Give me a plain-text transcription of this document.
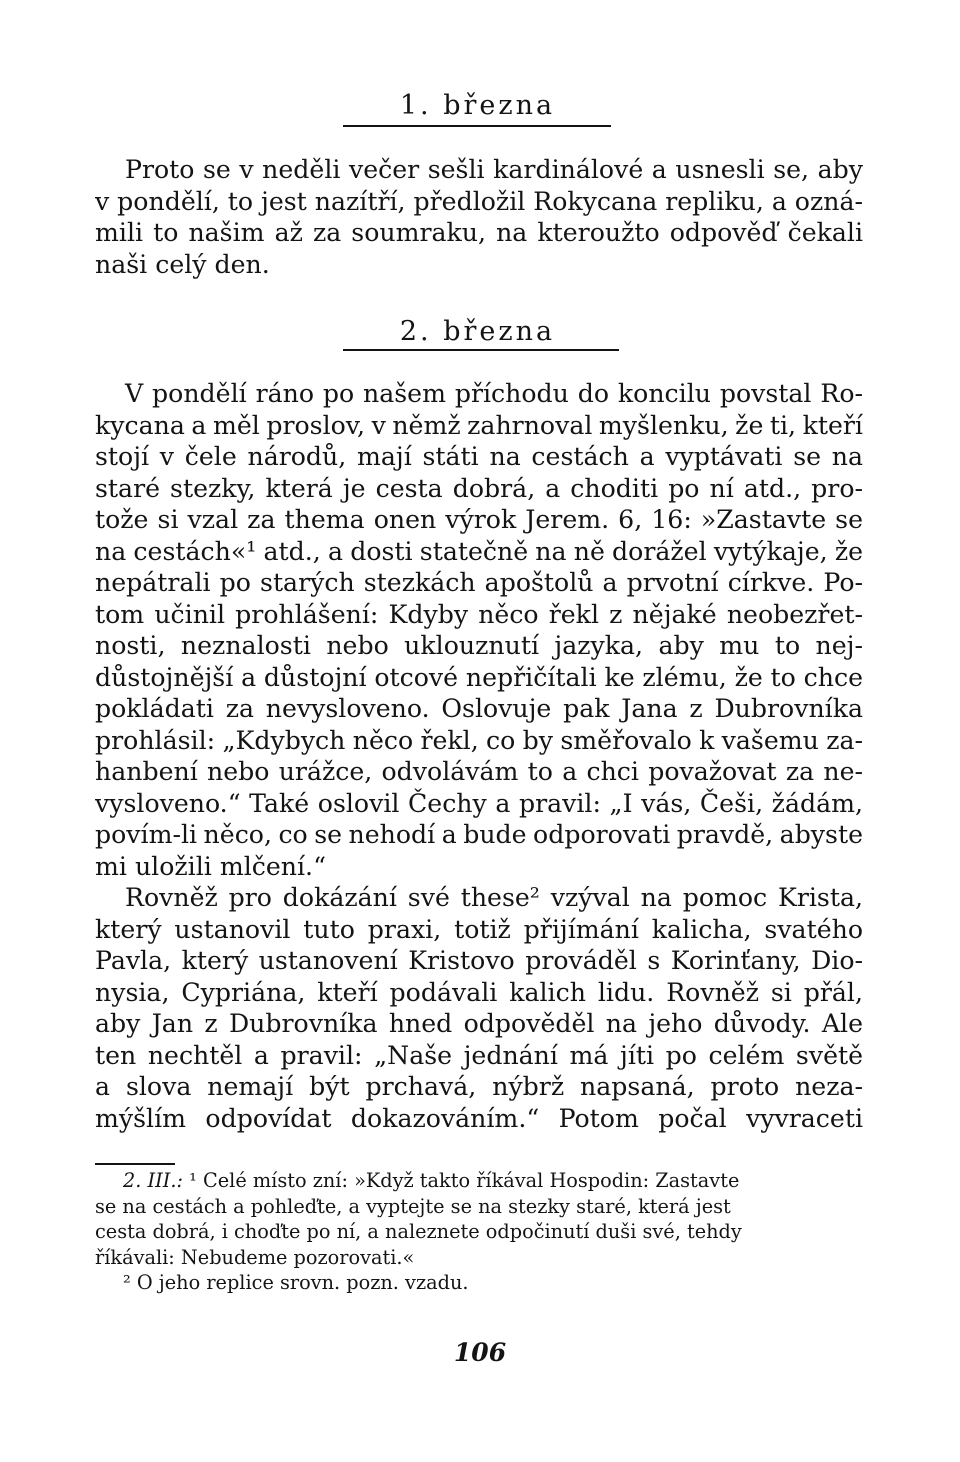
1. března
Proto se v neděli večer sešli kardinálové a usnesli se, aby
v pondělí, to jest nazítří, předložil Rokycana repliku, a ozná-
mili to našim až za soumraku, na kteroužto odpověď čekali
naši celý den.
2. března
V pondělí ráno po našem příchodu do koncilu povstal Ro-
kycana a měl proslov, v němž zahrnoval myšlenku, že ti, kteří
stojí v čele národů, mají státi na cestách a vyptávati se na
staré stezky, která je cesta dobrá, a choditi po ní atd., pro-
tože si vzal za thema onen výrok Jerem. 6, 16: »Zastavte se
na cestách«¹ atd., a dosti statečně na ně dorážel vytýkaje, že
nepátrali po starých stezkách apoštolů a prvotní církve. Po-
tom učinil prohlášení: Kdyby něco řekl z nějaké neobezřet-
nosti, neznalosti nebo uklouznutí jazyka, aby mu to nej-
důstojnější a důstojní otcové nepřičítali ke zlému, že to chce
pokládati za nevysloveno. Oslovuje pak Jana z Dubrovníka
prohlásil: „Kdybych něco řekl, co by směřovalo k vašemu za-
hanbení nebo urážce, odvolávám to a chci považovat za ne-
vysloveno.“ Také oslovil Čechy a pravil: „I vás, Češi, žádám,
povím-li něco, co se nehodí a bude odporovati pravdě, abyste
mi uložili mlčení.“
Rovněž pro dokázání své these² vzýval na pomoc Krista,
který ustanovil tuto praxi, totiž přijímání kalicha, svatého
Pavla, který ustanovení Kristovo prováděl s Korinťany, Dio-
nysia, Cypriána, kteří podávali kalich lidu. Rovněž si přál,
aby Jan z Dubrovníka hned odpověděl na jeho důvody. Ale
ten nechtěl a pravil: „Naše jednání má jíti po celém světě
a slova nemají být prchavá, nýbrž napsaná, proto neza-
mýšlím odpovídat dokazováním.“ Potom počal vyvraceti
2. III.: ¹ Celé místo zní: »Když takto říkával Hospodin: Zastavte
se na cestách a pohleďte, a vyptejte se na stezky staré, která jest
cesta dobrá, i choďte po ní, a naleznete odpočinutí duši své, tehdy
říkávali: Nebudeme pozorovati.«
² O jeho replice srovn. pozn. vzadu.
106
